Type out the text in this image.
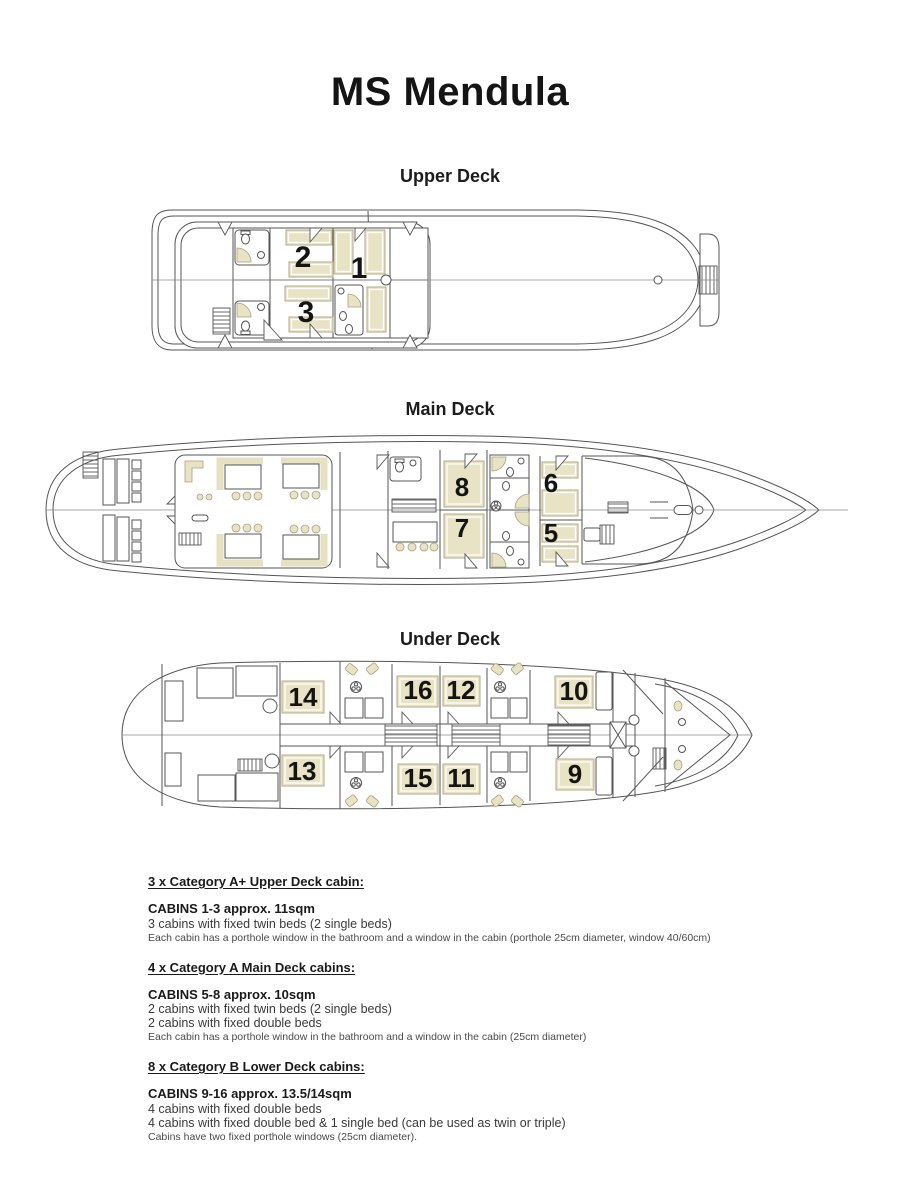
MS Mendula
Upper Deck
Main Deck
Under Deck
2 1
3
8
7
6
5
14
13
16 12
15 11
10
9
3 x Category A+ Upper Deck cabin:
CABINS 1-3 approx. 11sqm
3 cabins with fixed twin beds (2 single beds)
Each cabin has a porthole window in the bathroom and a window in the cabin (porthole 25cm diameter, window 40/60cm)
4 x Category A Main Deck cabins:
CABINS 5-8 approx. 10sqm
2 cabins with fixed twin beds (2 single beds)
2 cabins with fixed double beds
Each cabin has a porthole window in the bathroom and a window in the cabin (25cm diameter)
8 x Category B Lower Deck cabins:
CABINS 9-16 approx. 13.5/14sqm
4 cabins with fixed double beds
4 cabins with fixed double bed & 1 single bed (can be used as twin or triple)
Cabins have two fixed porthole windows (25cm diameter).
